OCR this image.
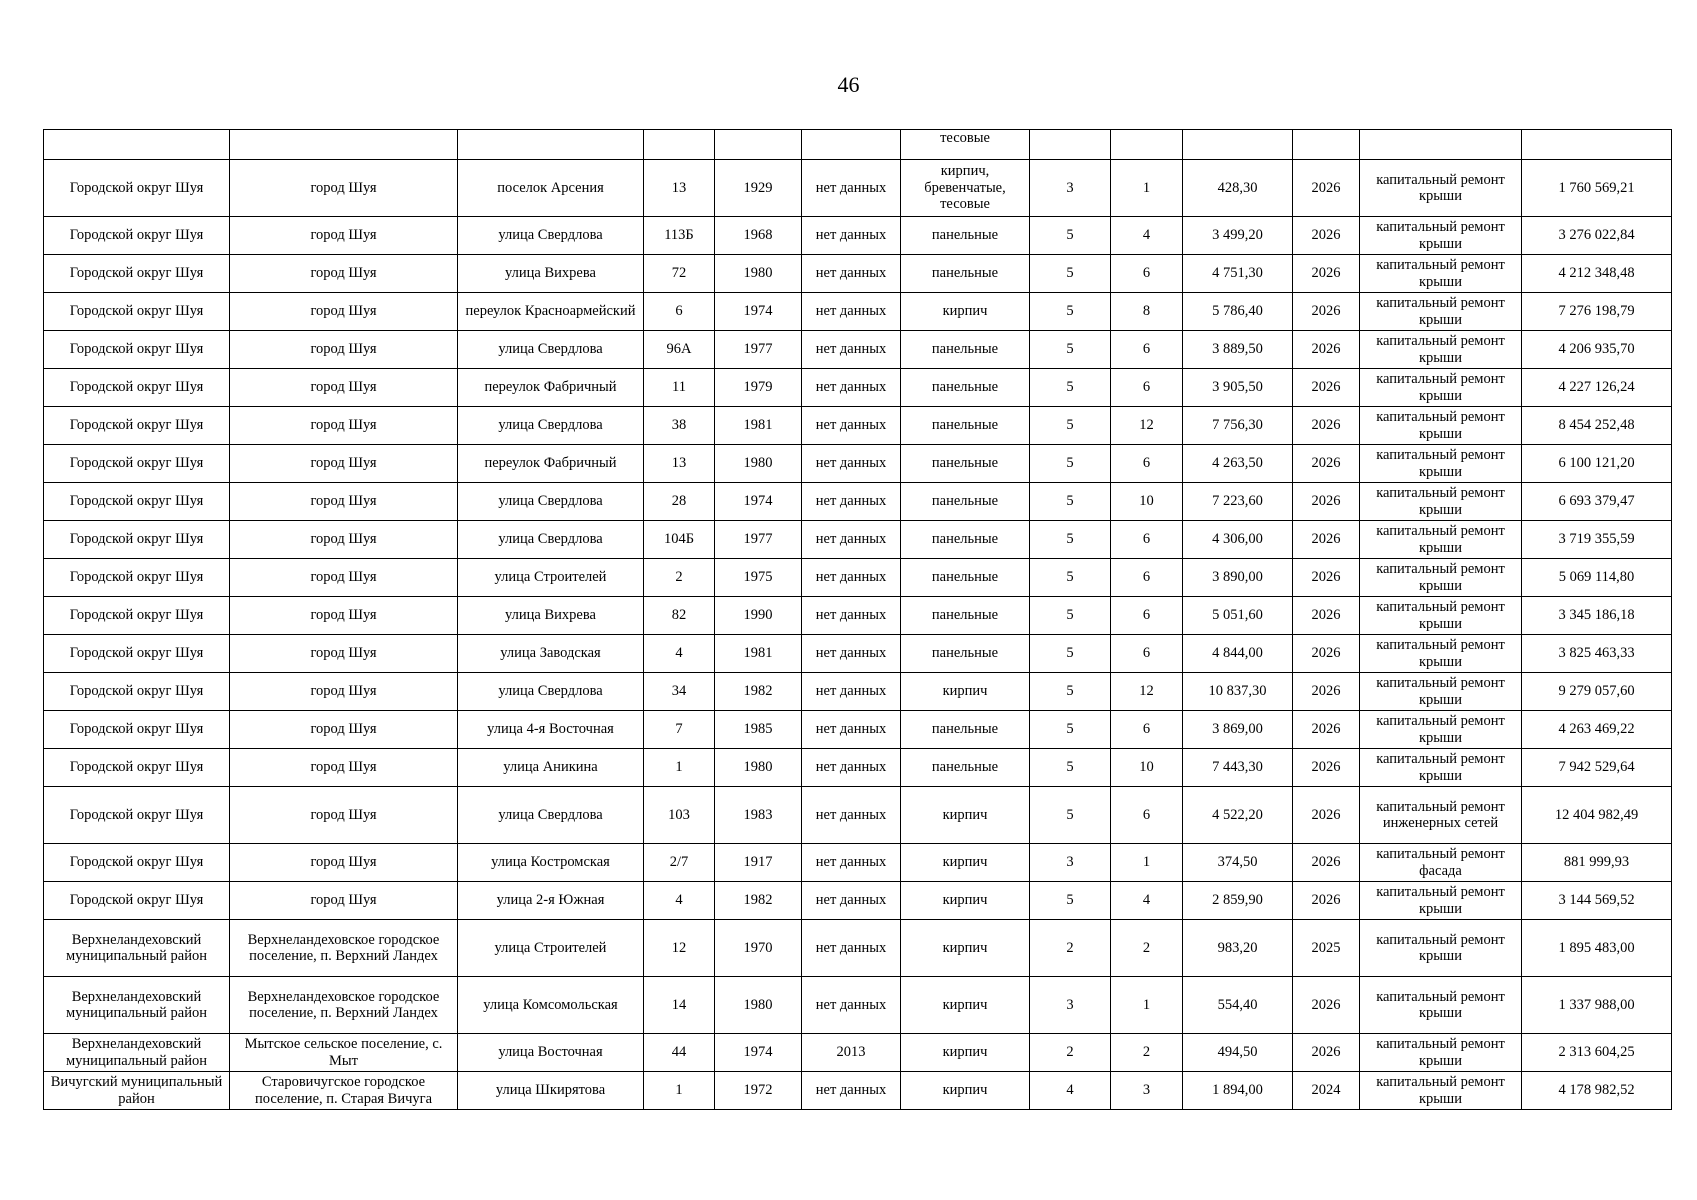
46
						тесовые						
Городской округ Шуя	город Шуя	поселок Арсения	13	1929	нет данных	кирпич, бревенчатые, тесовые	3	1	428,30	2026	капитальный ремонт крыши	1 760 569,21
Городской округ Шуя	город Шуя	улица Свердлова	113Б	1968	нет данных	панельные	5	4	3 499,20	2026	капитальный ремонт крыши	3 276 022,84
Городской округ Шуя	город Шуя	улица Вихрева	72	1980	нет данных	панельные	5	6	4 751,30	2026	капитальный ремонт крыши	4 212 348,48
Городской округ Шуя	город Шуя	переулок Красноармейский	6	1974	нет данных	кирпич	5	8	5 786,40	2026	капитальный ремонт крыши	7 276 198,79
Городской округ Шуя	город Шуя	улица Свердлова	96А	1977	нет данных	панельные	5	6	3 889,50	2026	капитальный ремонт крыши	4 206 935,70
Городской округ Шуя	город Шуя	переулок Фабричный	11	1979	нет данных	панельные	5	6	3 905,50	2026	капитальный ремонт крыши	4 227 126,24
Городской округ Шуя	город Шуя	улица Свердлова	38	1981	нет данных	панельные	5	12	7 756,30	2026	капитальный ремонт крыши	8 454 252,48
Городской округ Шуя	город Шуя	переулок Фабричный	13	1980	нет данных	панельные	5	6	4 263,50	2026	капитальный ремонт крыши	6 100 121,20
Городской округ Шуя	город Шуя	улица Свердлова	28	1974	нет данных	панельные	5	10	7 223,60	2026	капитальный ремонт крыши	6 693 379,47
Городской округ Шуя	город Шуя	улица Свердлова	104Б	1977	нет данных	панельные	5	6	4 306,00	2026	капитальный ремонт крыши	3 719 355,59
Городской округ Шуя	город Шуя	улица Строителей	2	1975	нет данных	панельные	5	6	3 890,00	2026	капитальный ремонт крыши	5 069 114,80
Городской округ Шуя	город Шуя	улица Вихрева	82	1990	нет данных	панельные	5	6	5 051,60	2026	капитальный ремонт крыши	3 345 186,18
Городской округ Шуя	город Шуя	улица Заводская	4	1981	нет данных	панельные	5	6	4 844,00	2026	капитальный ремонт крыши	3 825 463,33
Городской округ Шуя	город Шуя	улица Свердлова	34	1982	нет данных	кирпич	5	12	10 837,30	2026	капитальный ремонт крыши	9 279 057,60
Городской округ Шуя	город Шуя	улица 4-я Восточная	7	1985	нет данных	панельные	5	6	3 869,00	2026	капитальный ремонт крыши	4 263 469,22
Городской округ Шуя	город Шуя	улица Аникина	1	1980	нет данных	панельные	5	10	7 443,30	2026	капитальный ремонт крыши	7 942 529,64
Городской округ Шуя	город Шуя	улица Свердлова	103	1983	нет данных	кирпич	5	6	4 522,20	2026	капитальный ремонт инженерных сетей	12 404 982,49
Городской округ Шуя	город Шуя	улица Костромская	2/7	1917	нет данных	кирпич	3	1	374,50	2026	капитальный ремонт фасада	881 999,93
Городской округ Шуя	город Шуя	улица 2-я Южная	4	1982	нет данных	кирпич	5	4	2 859,90	2026	капитальный ремонт крыши	3 144 569,52
Верхнеландеховский муниципальный район	Верхнеландеховское городское поселение, п. Верхний Ландех	улица Строителей	12	1970	нет данных	кирпич	2	2	983,20	2025	капитальный ремонт крыши	1 895 483,00
Верхнеландеховский муниципальный район	Верхнеландеховское городское поселение, п. Верхний Ландех	улица Комсомольская	14	1980	нет данных	кирпич	3	1	554,40	2026	капитальный ремонт крыши	1 337 988,00
Верхнеландеховский муниципальный район	Мытское сельское поселение, с. Мыт	улица Восточная	44	1974	2013	кирпич	2	2	494,50	2026	капитальный ремонт крыши	2 313 604,25
Вичугский муниципальный район	Старовичугское городское поселение, п. Старая Вичуга	улица Шкирятова	1	1972	нет данных	кирпич	4	3	1 894,00	2024	капитальный ремонт крыши	4 178 982,52
